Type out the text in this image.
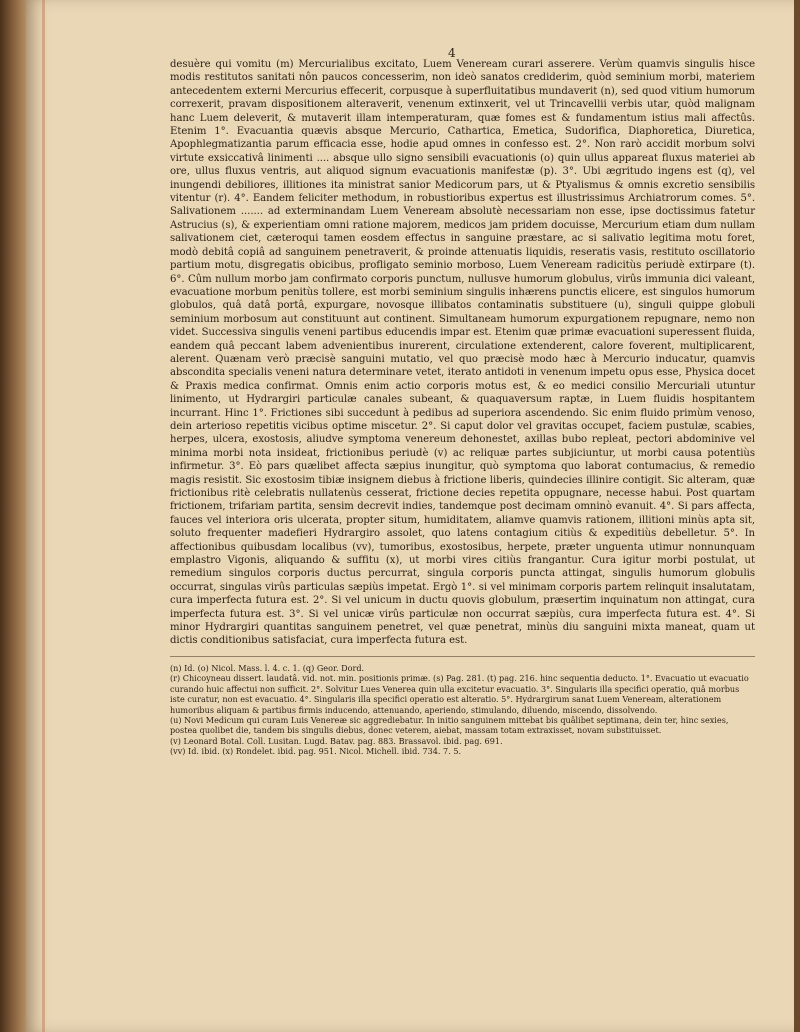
4

desuère qui vomitu (m) Mercurialibus excitato, Luem Veneream curari asserere. Verùm quamvis singulis hisce modis restitutos sanitati nôn paucos concesserim, non ideò sanatos crediderim, quòd seminium morbi, materiem antecedentem externi Mercurius effecerit, corpusque à superfluitatibus mundaverit (n), sed quod vitium humorum correxerit, pravam dispositionem alteraverit, venenum extinxerit, vel ut Trincavellii verbis utar, quòd malignam hanc Luem deleverit, & mutaverit illam intemperaturam, quæ fomes est & fundamentum istius mali affectûs. Etenim 1°. Evacuantia quævis absque Mercurio, Cathartica, Emetica, Sudorifica, Diaphoretica, Diuretica, Apophlegmatizantia parum efficacia esse, hodie apud omnes in confesso est. 2°. Non rarò accidit morbum solvi virtute exsiccativâ linimenti .... absque ullo signo sensibili evacuationis (o) quin ullus appareat fluxus materiei ab ore, ullus fluxus ventris, aut aliquod signum evacuationis manifestæ (p). 3°. Ubi ægritudo ingens est (q), vel inungendi debiliores, illitiones ita ministrat sanior Medicorum pars, ut & Ptyalismus & omnis excretio sensibilis vitentur (r). 4°. Eandem feliciter methodum, in robustioribus expertus est illustrissimus Archiatrorum comes. 5°. Salivationem ....... ad exterminandam Luem Veneream absolutè necessariam non esse, ipse doctissimus fatetur Astrucius (s), & experientiam omni ratione majorem, medicos jam pridem docuisse, Mercurium etiam dum nullam salivationem ciet, cæteroqui tamen eosdem effectus in sanguine præstare, ac si salivatio legitima motu foret, modò debitâ copiâ ad sanguinem penetraverit, & proinde attenuatis liquidis, reseratis vasis, restituto oscillatorio partium motu, disgregatis obicibus, profligato seminio morboso, Luem Veneream radicitùs periudè extirpare (t). 6°. Cûm nullum morbo jam confirmato corporis punctum, nullusve humorum globulus, virûs immunia dici valeant, evacuatione morbum penitùs tollere, est morbi seminium singulis inhærens punctis elicere, est singulos humorum globulos, quâ datâ portâ, expurgare, novosque illibatos contaminatis substituere (u), singuli quippe globuli seminium morbosum aut constituunt aut continent. Simultaneam humorum expurgationem repugnare, nemo non videt. Successiva singulis veneni partibus educendis impar est. Etenim quæ primæ evacuationi superessent fluida, eandem quâ peccant labem advenientibus inurerent, circulatione extenderent, calore foverent, multiplicarent, alerent. Quænam verò præcisè sanguini mutatio, vel quo præcisè modo hæc à Mercurio inducatur, quamvis abscondita specialis veneni natura determinare vetet, iterato antidoti in venenum impetu opus esse, Physica docet & Praxis medica confirmat. Omnis enim actio corporis motus est, & eo medici consilio Mercuriali utuntur linimento, ut Hydrargiri particulæ canales subeant, & quaquaversum raptæ, in Luem fluidis hospitantem incurrant. Hinc 1°. Frictiones sibi succedunt à pedibus ad superiora ascendendo. Sic enim fluido primùm venoso, dein arterioso repetitis vicibus optime miscetur. 2°. Si caput dolor vel gravitas occupet, faciem pustulæ, scabies, herpes, ulcera, exostosis, aliudve symptoma venereum dehonestet, axillas bubo repleat, pectori abdominive vel minima morbi nota insideat, frictionibus periudè (v) ac reliquæ partes subjiciuntur, ut morbi causa potentiùs infirmetur. 3°. Eò pars quælibet affecta sæpius inungitur, quò symptoma quo laborat contumacius, & remedio magis resistit. Sic exostosim tibiæ insignem diebus à frictione liberis, quindecies illinire contigit. Sic alteram, quæ frictionibus ritè celebratis nullatenùs cesserat, frictione decies repetita oppugnare, necesse habui. Post quartam frictionem, trifariam partita, sensim decrevit indies, tandemque post decimam omninò evanuit. 4°. Si pars affecta, fauces vel interiora oris ulcerata, propter situm, humiditatem, aliamve quamvis rationem, illitioni minùs apta sit, soluto frequenter madefieri Hydrargiro assolet, quo latens contagium citiùs & expeditiùs debelletur. 5°. In affectionibus quibusdam localibus (vv), tumoribus, exostosibus, herpete, præter unguenta utimur nonnunquam emplastro Vigonis, aliquando & suffitu (x), ut morbi vires citiùs frangantur. Cura igitur morbi postulat, ut remedium singulos corporis ductus percurrat, singula corporis puncta attingat, singulis humorum globulis occurrat, singulas virûs particulas sæpiùs impetat. Ergò 1°. si vel minimam corporis partem relinquit insalutatam, cura imperfecta futura est. 2°. Si vel unicum in ductu quovis globulum, præsertim inquinatum non attingat, cura imperfecta futura est. 3°. Si vel unicæ virûs particulæ non occurrat sæpiùs, cura imperfecta futura est. 4°. Si minor Hydrargiri quantitas sanguinem penetret, vel quæ penetrat, minùs diu sanguini mixta maneat, quam ut dictis conditionibus satisfaciat, cura imperfecta futura est.

(n) Id. (o) Nicol. Mass. l. 4. c. 1. (q) Geor. Dord.

(r) Chicoyneau dissert. laudatâ. vid. not. min. positionis primæ. (s) Pag. 281. (t) pag. 216. hinc sequentia deducto. 1°. Evacuatio ut evacuatio curando huic affectui non sufficit. 2°. Solvitur Lues Venerea quin ulla excitetur evacuatio. 3°. Singularis illa specifici operatio, quâ morbus iste curatur, non est evacuatio. 4°. Singularis illa specifici operatio est alteratio. 5°. Hydrargirum sanat Luem Veneream, alterationem humoribus aliquam & partibus firmis inducendo, attenuando, aperiendo, stimulando, diluendo, miscendo, dissolvendo.

(u) Novi Medicum qui curam Luis Venereæ sic aggrediebatur. In initio sanguinem mittebat bis quâlibet septimana, dein ter, hinc sexies, postea quolibet die, tandem bis singulis diebus, donec veterem, aiebat, massam totam extraxisset, novam substituisset.

(v) Leonard Botal. Coll. Lusitan. Lugd. Batav. pag. 883. Brassavol. ibid. pag. 691.

(vv) Id. ibid. (x) Rondelet. ibid. pag. 951. Nicol. Michell. ibid. 734. 7. 5.
